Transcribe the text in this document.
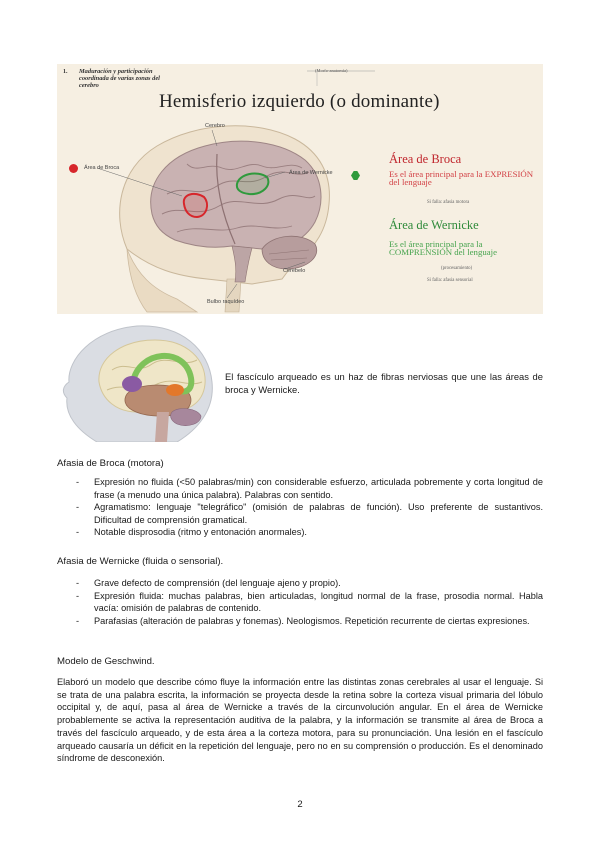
1. Maduración y participación coordinada de varias zonas del cerebro
(Morfo-anatomía)
Hemisferio izquierdo (o dominante)
Cerebro
Área de Broca
Área de Wernicke
Cerebelo
Bulbo raquídeo
Área de Broca
Es el área principal para la EXPRESIÓN del lenguaje
Si falla: afasia motora
Área de Wernicke
Es el área principal para la COMPRENSIÓN del lenguaje
(procesamiento)
Si falla: afasia sensorial
El fascículo arqueado es un haz de fibras nerviosas que une las áreas de broca y Wernicke.
Afasia de Broca (motora)
- Expresión no fluida (<50 palabras/min) con considerable esfuerzo, articulada pobremente y corta longitud de frase (a menudo una única palabra). Palabras con sentido.
- Agramatismo: lenguaje "telegráfico" (omisión de palabras de función). Uso preferente de sustantivos. Dificultad de comprensión gramatical.
- Notable disprosodia (ritmo y entonación anormales).
Afasia de Wernicke (fluida o sensorial).
- Grave defecto de comprensión (del lenguaje ajeno y propio).
- Expresión fluida: muchas palabras, bien articuladas, longitud normal de la frase, prosodia normal. Habla vacía: omisión de palabras de contenido.
- Parafasias (alteración de palabras y fonemas). Neologismos. Repetición recurrente de ciertas expresiones.
Modelo de Geschwind.

Elaboró un modelo que describe cómo fluye la información entre las distintas zonas cerebrales al usar el lenguaje. Si se trata de una palabra escrita, la información se proyecta desde la retina sobre la corteza visual primaria del lóbulo occipital y, de aquí, pasa al área de Wernicke a través de la circunvolución angular. En el área de Wernicke probablemente se activa la representación auditiva de la palabra, y la información se transmite al área de Broca a través del fascículo arqueado, y de esta área a la corteza motora, para su pronunciación. Una lesión en el fascículo arqueado causaría un déficit en la repetición del lenguaje, pero no en su comprensión o producción. Es el denominado síndrome de desconexión.

2
